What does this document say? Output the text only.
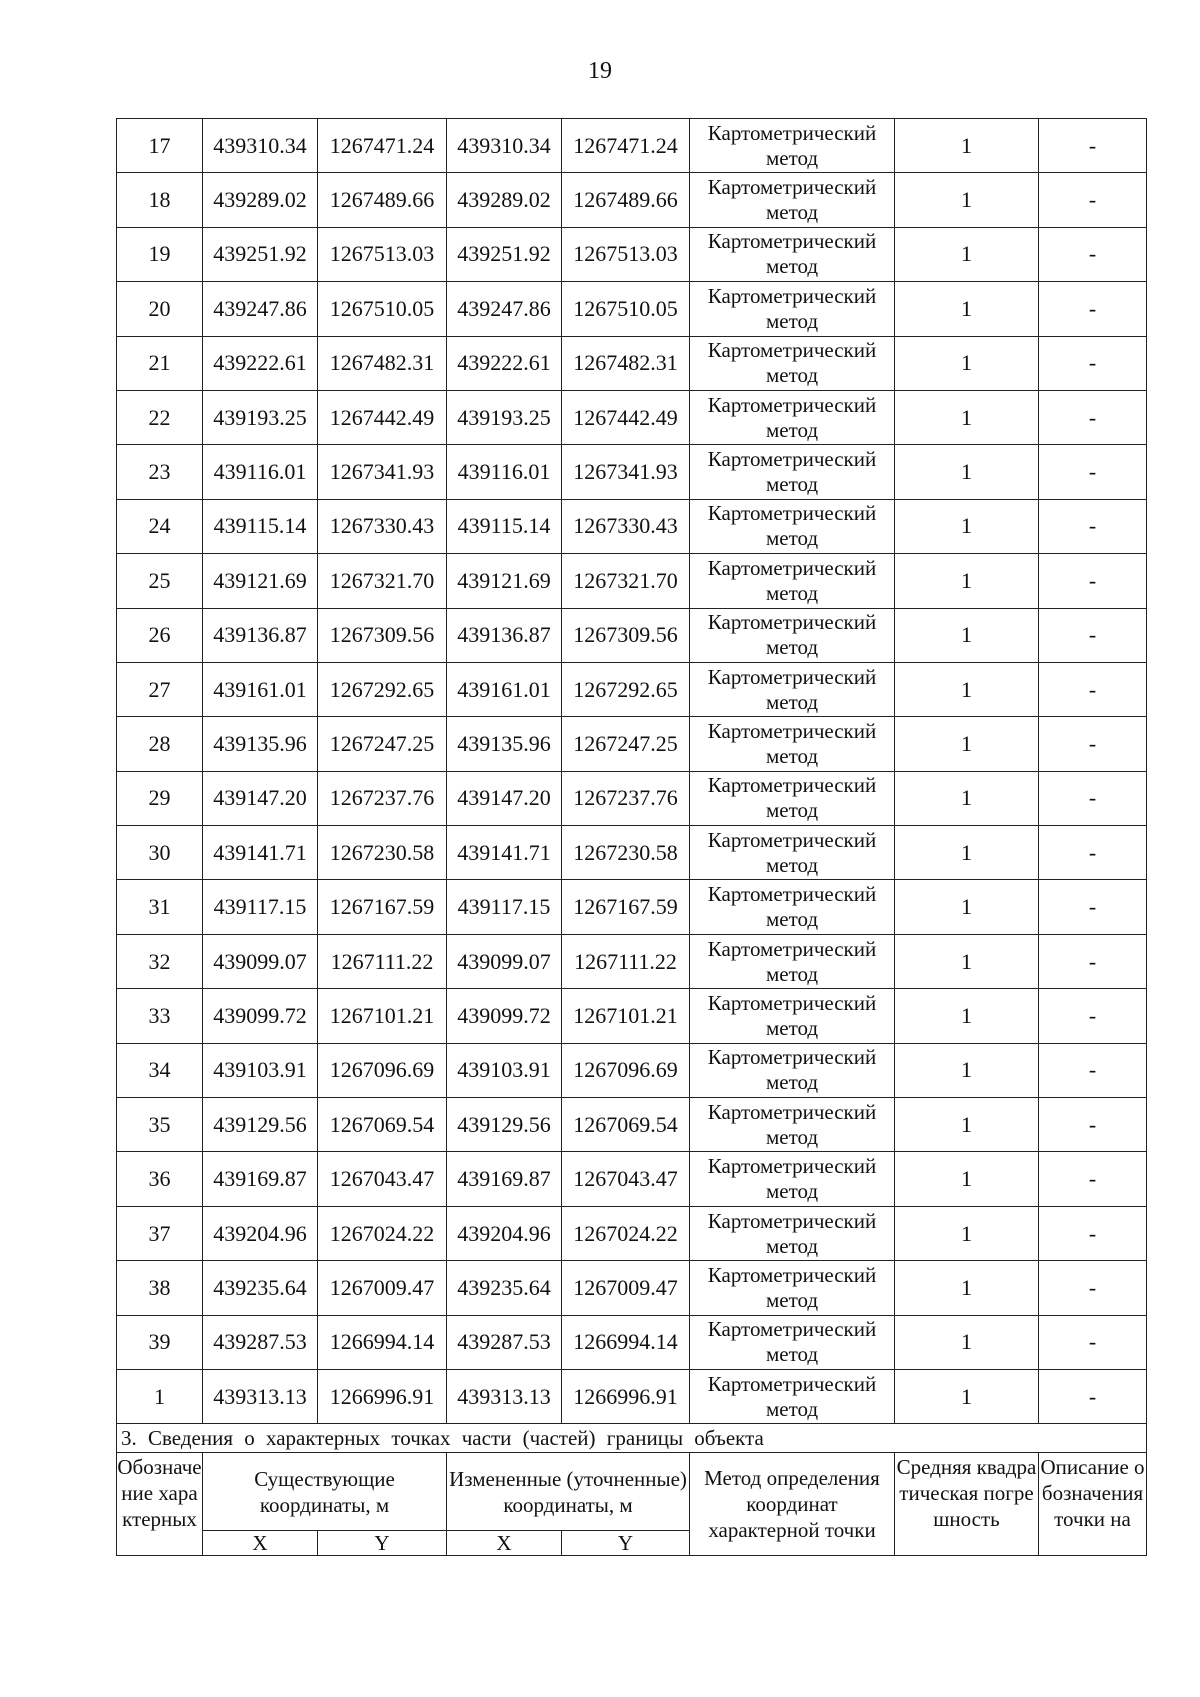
19
17	439310.34	1267471.24	439310.34	1267471.24	Картометрический метод	1	-
18	439289.02	1267489.66	439289.02	1267489.66	Картометрический метод	1	-
19	439251.92	1267513.03	439251.92	1267513.03	Картометрический метод	1	-
20	439247.86	1267510.05	439247.86	1267510.05	Картометрический метод	1	-
21	439222.61	1267482.31	439222.61	1267482.31	Картометрический метод	1	-
22	439193.25	1267442.49	439193.25	1267442.49	Картометрический метод	1	-
23	439116.01	1267341.93	439116.01	1267341.93	Картометрический метод	1	-
24	439115.14	1267330.43	439115.14	1267330.43	Картометрический метод	1	-
25	439121.69	1267321.70	439121.69	1267321.70	Картометрический метод	1	-
26	439136.87	1267309.56	439136.87	1267309.56	Картометрический метод	1	-
27	439161.01	1267292.65	439161.01	1267292.65	Картометрический метод	1	-
28	439135.96	1267247.25	439135.96	1267247.25	Картометрический метод	1	-
29	439147.20	1267237.76	439147.20	1267237.76	Картометрический метод	1	-
30	439141.71	1267230.58	439141.71	1267230.58	Картометрический метод	1	-
31	439117.15	1267167.59	439117.15	1267167.59	Картометрический метод	1	-
32	439099.07	1267111.22	439099.07	1267111.22	Картометрический метод	1	-
33	439099.72	1267101.21	439099.72	1267101.21	Картометрический метод	1	-
34	439103.91	1267096.69	439103.91	1267096.69	Картометрический метод	1	-
35	439129.56	1267069.54	439129.56	1267069.54	Картометрический метод	1	-
36	439169.87	1267043.47	439169.87	1267043.47	Картометрический метод	1	-
37	439204.96	1267024.22	439204.96	1267024.22	Картометрический метод	1	-
38	439235.64	1267009.47	439235.64	1267009.47	Картометрический метод	1	-
39	439287.53	1266994.14	439287.53	1266994.14	Картометрический метод	1	-
1	439313.13	1266996.91	439313.13	1266996.91	Картометрический метод	1	-
3. Сведения о характерных точках части (частей) границы объекта							
Обозначение характерных	Существующие координаты, м		Измененные (уточненные) координаты, м		Метод определения координат характерной точки	Средняя квадратическая погрешность	Описание обозначения точки на
	X	Y	X	Y			
